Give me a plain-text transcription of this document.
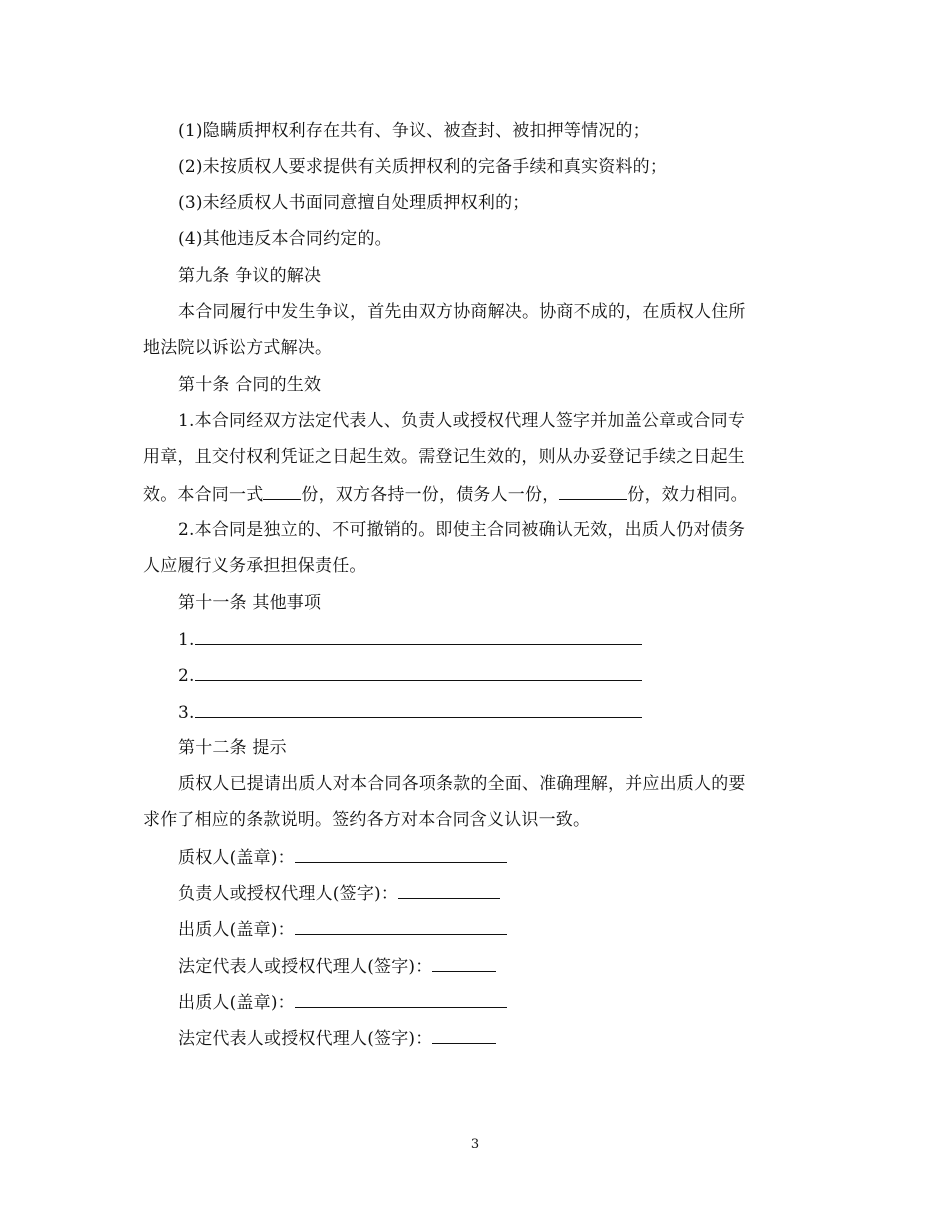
(1)隐瞒质押权利存在共有、争议、被查封、被扣押等情况的；
(2)未按质权人要求提供有关质押权利的完备手续和真实资料的；
(3)未经质权人书面同意擅自处理质押权利的；
(4)其他违反本合同约定的。
第九条 争议的解决
本合同履行中发生争议，首先由双方协商解决。协商不成的，在质权人住所
地法院以诉讼方式解决。
第十条 合同的生效
1.本合同经双方法定代表人、负责人或授权代理人签字并加盖公章或合同专
用章，且交付权利凭证之日起生效。需登记生效的，则从办妥登记手续之日起生
效。本合同一式 份，双方各持一份，债务人一份，	份，效力相同。
2.本合同是独立的、不可撤销的。即使主合同被确认无效，出质人仍对债务
人应履行义务承担担保责任。
第十一条 其他事项
1.
2.
3.
第十二条 提示
质权人已提请出质人对本合同各项条款的全面、准确理解，并应出质人的要
求作了相应的条款说明。签约各方对本合同含义认识一致。
质权人(盖章)：
负责人或授权代理人(签字)：
出质人(盖章)：
法定代表人或授权代理人(签字)：
出质人(盖章)：
法定代表人或授权代理人(签字)：
3
